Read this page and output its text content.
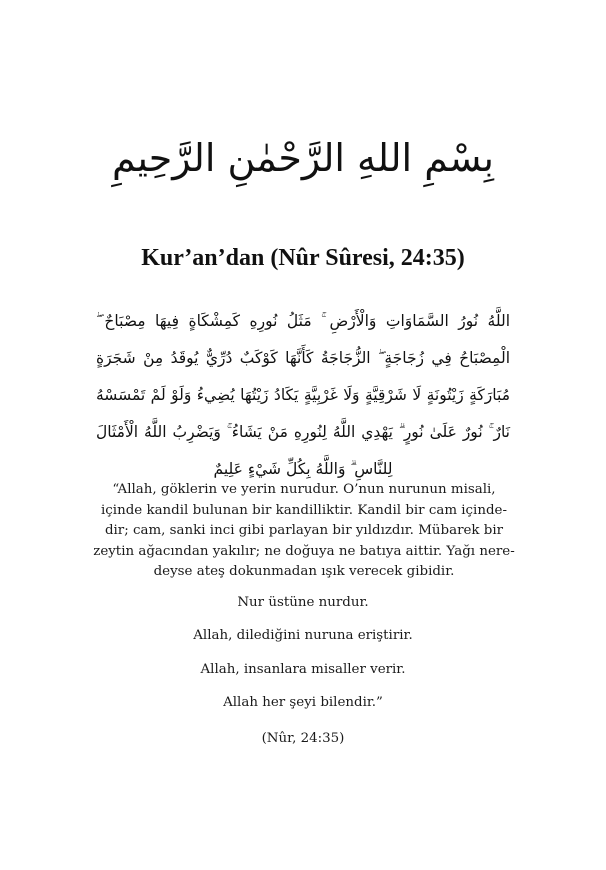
بِسْمِ اللهِ الرَّحْمٰنِ الرَّحِيمِ
Kur’an’dan (Nûr Sûresi, 24:35)
اللَّهُ نُورُ السَّمَاوَاتِ وَالْأَرْضِ ۚ مَثَلُ نُورِهِ كَمِشْكَاةٍ فِيهَا مِصْبَاحٌ ۖ الْمِصْبَاحُ فِي زُجَاجَةٍ ۖ الزُّجَاجَةُ كَأَنَّهَا كَوْكَبٌ دُرِّيٌّ يُوقَدُ مِنْ شَجَرَةٍ مُبَارَكَةٍ زَيْتُونَةٍ لَا شَرْقِيَّةٍ وَلَا غَرْبِيَّةٍ يَكَادُ زَيْتُهَا يُضِيءُ وَلَوْ لَمْ تَمْسَسْهُ نَارٌ ۚ نُورٌ عَلَىٰ نُورٍ ۗ يَهْدِي اللَّهُ لِنُورِهِ مَنْ يَشَاءُ ۚ وَيَضْرِبُ اللَّهُ الْأَمْثَالَ لِلنَّاسِ ۗ وَاللَّهُ بِكُلِّ شَيْءٍ عَلِيمٌ
“Allah, göklerin ve yerin nurudur. O’nun nurunun misali, içinde kandil bulunan bir kandilliktir. Kandil bir cam içinde-dir; cam, sanki inci gibi parlayan bir yıldızdır. Mübarek bir zeytin ağacından yakılır; ne doğuya ne batıya aittir. Yağı nere-deyse ateş dokunmadan ışık verecek gibidir.
Nur üstüne nurdur.
Allah, dilediğini nuruna eriştirir.
Allah, insanlara misaller verir.
Allah her şeyi bilendir.”
(Nûr, 24:35)
